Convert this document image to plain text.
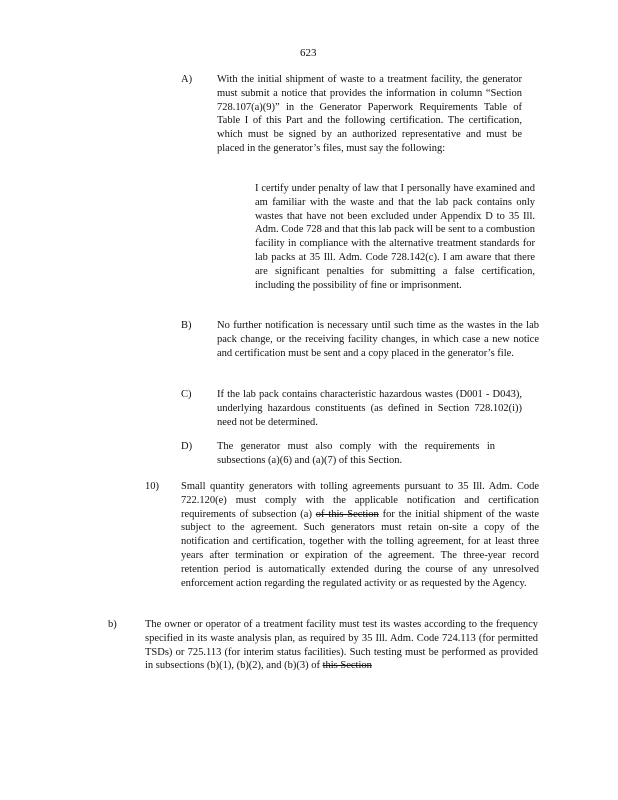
623
A) With the initial shipment of waste to a treatment facility, the generator must submit a notice that provides the information in column “Section 728.107(a)(9)” in the Generator Paperwork Requirements Table of Table I of this Part and the following certification. The certification, which must be signed by an authorized representative and must be placed in the generator’s files, must say the following:
I certify under penalty of law that I personally have examined and am familiar with the waste and that the lab pack contains only wastes that have not been excluded under Appendix D to 35 Ill. Adm. Code 728 and that this lab pack will be sent to a combustion facility in compliance with the alternative treatment standards for lab packs at 35 Ill. Adm. Code 728.142(c). I am aware that there are significant penalties for submitting a false certification, including the possibility of fine or imprisonment.
B) No further notification is necessary until such time as the wastes in the lab pack change, or the receiving facility changes, in which case a new notice and certification must be sent and a copy placed in the generator’s file.
C) If the lab pack contains characteristic hazardous wastes (D001 - D043), underlying hazardous constituents (as defined in Section 728.102(i)) need not be determined.
D) The generator must also comply with the requirements in subsections (a)(6) and (a)(7) of this Section.
10) Small quantity generators with tolling agreements pursuant to 35 Ill. Adm. Code 722.120(e) must comply with the applicable notification and certification requirements of subsection (a) of this Section for the initial shipment of the waste subject to the agreement. Such generators must retain on-site a copy of the notification and certification, together with the tolling agreement, for at least three years after termination or expiration of the agreement. The three-year record retention period is automatically extended during the course of any unresolved enforcement action regarding the regulated activity or as requested by the Agency.
b)	The owner or operator of a treatment facility must test its wastes according to the frequency specified in its waste analysis plan, as required by 35 Ill. Adm. Code 724.113 (for permitted TSDs) or 725.113 (for interim status facilities). Such testing must be performed as provided in subsections (b)(1), (b)(2), and (b)(3) of this Section
